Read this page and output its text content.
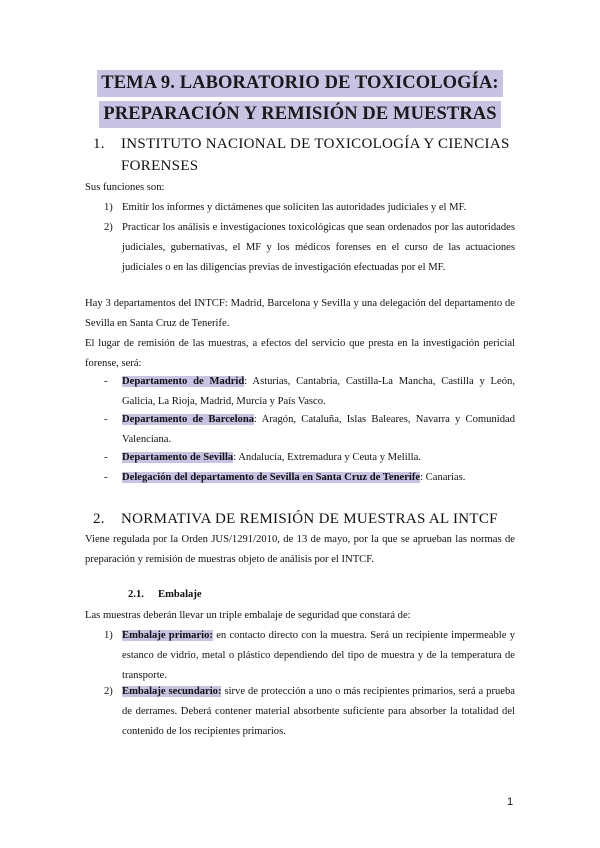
TEMA 9. LABORATORIO DE TOXICOLOGÍA:
PREPARACIÓN Y REMISIÓN DE MUESTRAS
1. INSTITUTO NACIONAL DE TOXICOLOGÍA Y CIENCIAS FORENSES
Sus funciones son:
1) Emitir los informes y dictámenes que soliciten las autoridades judiciales y el MF.
2) Practicar los análisis e investigaciones toxicológicas que sean ordenados por las autoridades judiciales, gubernativas, el MF y los médicos forenses en el curso de las actuaciones judiciales o en las diligencias previas de investigación efectuadas por el MF.
Hay 3 departamentos del INTCF: Madrid, Barcelona y Sevilla y una delegación del departamento de Sevilla en Santa Cruz de Tenerife.
El lugar de remisión de las muestras, a efectos del servicio que presta en la investigación pericial forense, será:
- Departamento de Madrid: Asturias, Cantabria, Castilla-La Mancha, Castilla y León, Galicia, La Rioja, Madrid, Murcia y País Vasco.
- Departamento de Barcelona: Aragón, Cataluña, Islas Baleares, Navarra y Comunidad Valenciana.
- Departamento de Sevilla: Andalucía, Extremadura y Ceuta y Melilla.
- Delegación del departamento de Sevilla en Santa Cruz de Tenerife: Canarias.
2. NORMATIVA DE REMISIÓN DE MUESTRAS AL INTCF
Viene regulada por la Orden JUS/1291/2010, de 13 de mayo, por la que se aprueban las normas de preparación y remisión de muestras objeto de análisis por el INTCF.
2.1. Embalaje
Las muestras deberán llevar un triple embalaje de seguridad que constará de:
1) Embalaje primario: en contacto directo con la muestra. Será un recipiente impermeable y estanco de vidrio, metal o plástico dependiendo del tipo de muestra y de la temperatura de transporte.
2) Embalaje secundario: sirve de protección a uno o más recipientes primarios, será a prueba de derrames. Deberá contener material absorbente suficiente para absorber la totalidad del contenido de los recipientes primarios.
1
